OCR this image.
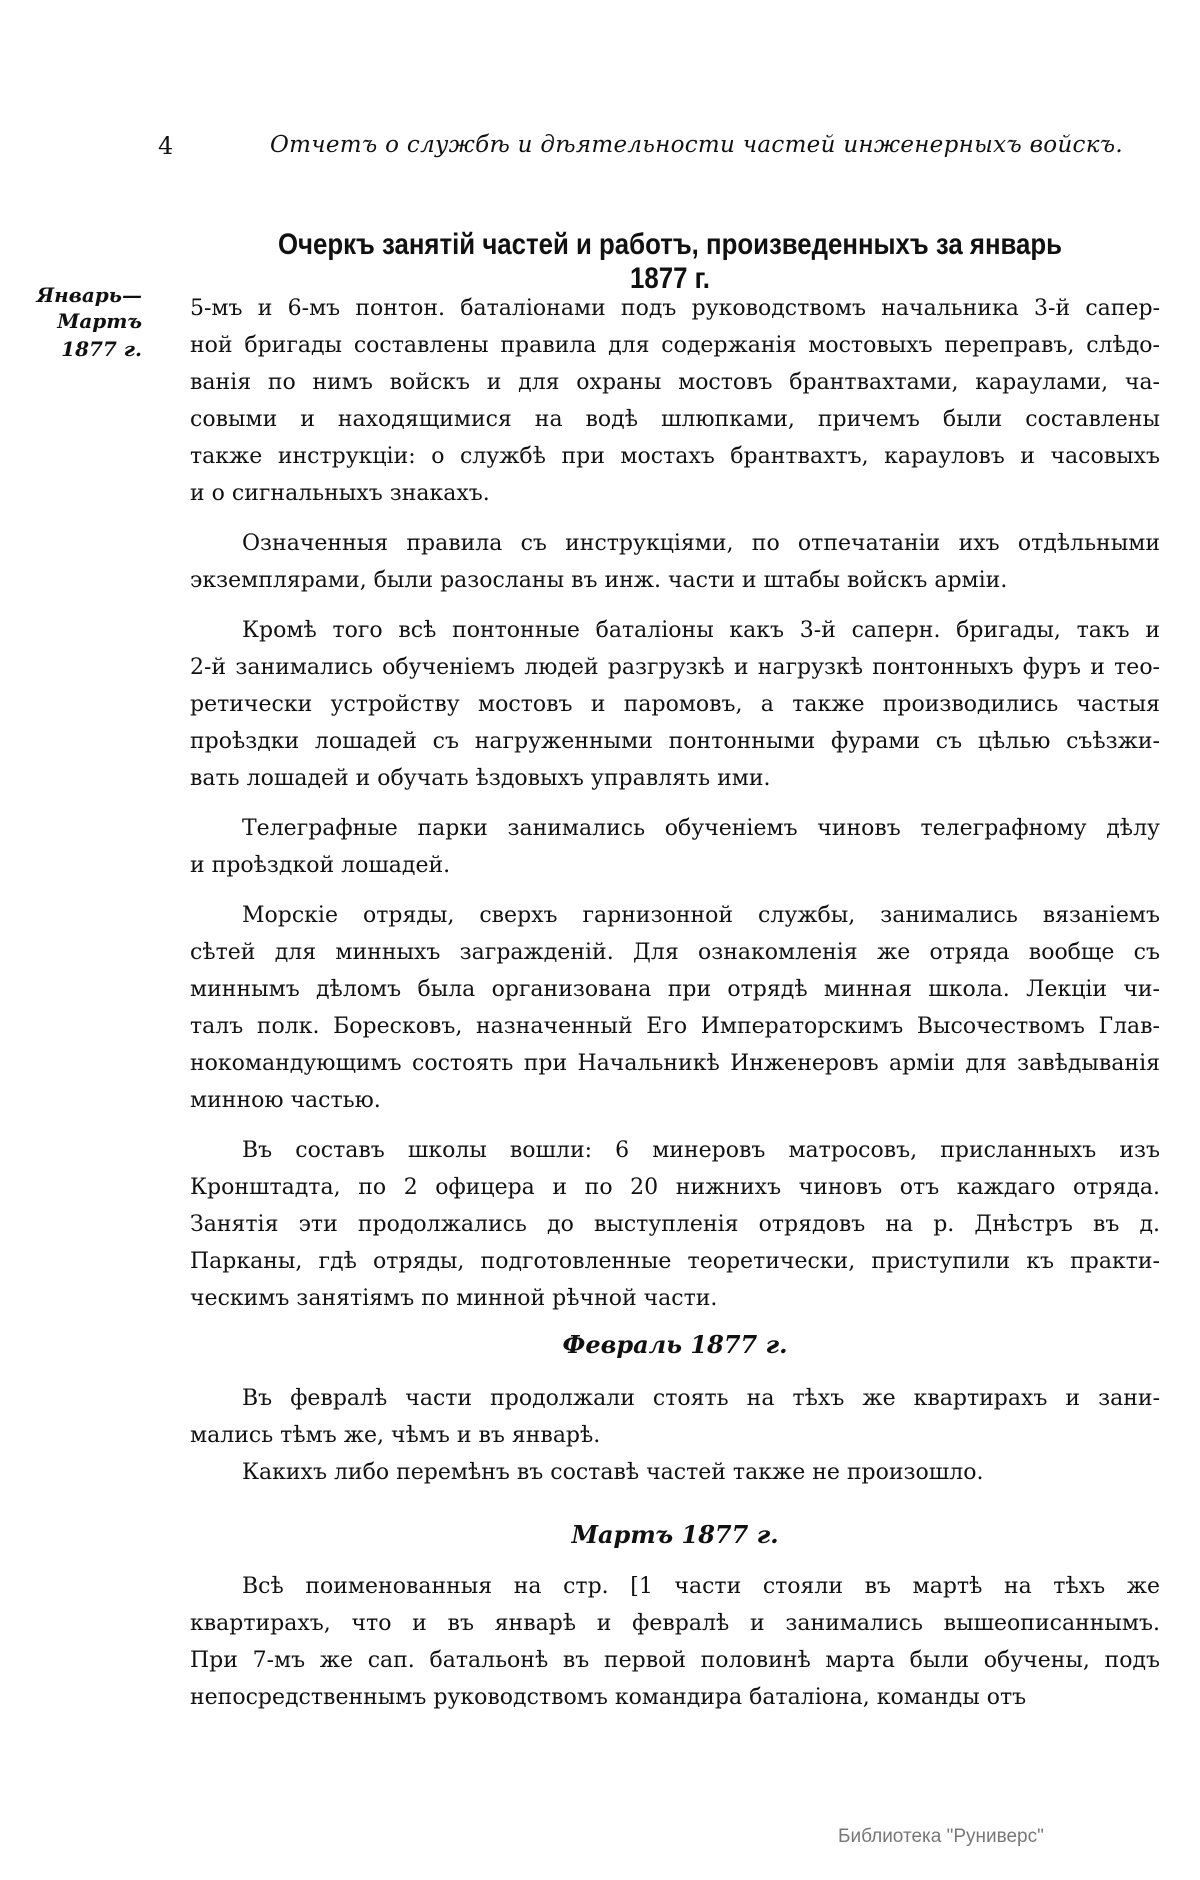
4	Отчетъ о службѣ и дѣятельности частей инженерныхъ войскъ.
Очеркъ занятій частей и работъ, произведенныхъ за январь 1877 г.
Январь—
Мартъ
1877 г.
5-мъ и 6-мъ понтон. баталіонами подъ руководствомъ начальника 3-й сапер-
ной бригады составлены правила для содержанія мостовыхъ переправъ, слѣдо-
ванія по нимъ войскъ и для охраны мостовъ брантвахтами, караулами, ча-
совыми и находящимися на водѣ шлюпками, причемъ были составлены
также инструкціи: о службѣ при мостахъ брантвахтъ, карауловъ и часовыхъ
и о сигнальныхъ знакахъ.
Означенныя правила съ инструкціями, по отпечатаніи ихъ отдѣльными
экземплярами, были разосланы въ инж. части и штабы войскъ арміи.
Кромѣ того всѣ понтонные баталіоны какъ 3-й саперн. бригады, такъ и
2-й занимались обученіемъ людей разгрузкѣ и нагрузкѣ понтонныхъ фуръ и тео-
ретически устройству мостовъ и паромовъ, а также производились частыя
проѣздки лошадей съ нагруженными понтонными фурами съ цѣлью съѣзжи-
вать лошадей и обучать ѣздовыхъ управлять ими.
Телеграфные парки занимались обученіемъ чиновъ телеграфному дѣлу
и проѣздкой лошадей.
Морскіе отряды, сверхъ гарнизонной службы, занимались вязаніемъ
сѣтей для минныхъ загражденій. Для ознакомленія же отряда вообще съ
миннымъ дѣломъ была организована при отрядѣ минная школа. Лекціи чи-
талъ полк. Боресковъ, назначенный Его Императорскимъ Высочествомъ Глав-
нокомандующимъ состоять при Начальникѣ Инженеровъ арміи для завѣдыванія
минною частью.
Въ составъ школы вошли: 6 минеровъ матросовъ, присланныхъ изъ
Кронштадта, по 2 офицера и по 20 нижнихъ чиновъ отъ каждаго отряда.
Занятія эти продолжались до выступленія отрядовъ на р. Днѣстръ въ д.
Парканы, гдѣ отряды, подготовленные теоретически, приступили къ практи-
ческимъ занятіямъ по минной рѣчной части.
Февраль 1877 г.
Въ февралѣ части продолжали стоять на тѣхъ же квартирахъ и зани-
мались тѣмъ же, чѣмъ и въ январѣ.
Какихъ либо перемѣнъ въ составѣ частей также не произошло.
Мартъ 1877 г.
Всѣ поименованныя на стр. [1 части стояли въ мартѣ на тѣхъ же
квартирахъ, что и въ январѣ и февралѣ и занимались вышеописаннымъ.
При 7-мъ же сап. батальонѣ въ первой половинѣ марта были обучены, подъ
непосредственнымъ руководствомъ командира баталіона, команды отъ
Библиотека "Руниверс"
